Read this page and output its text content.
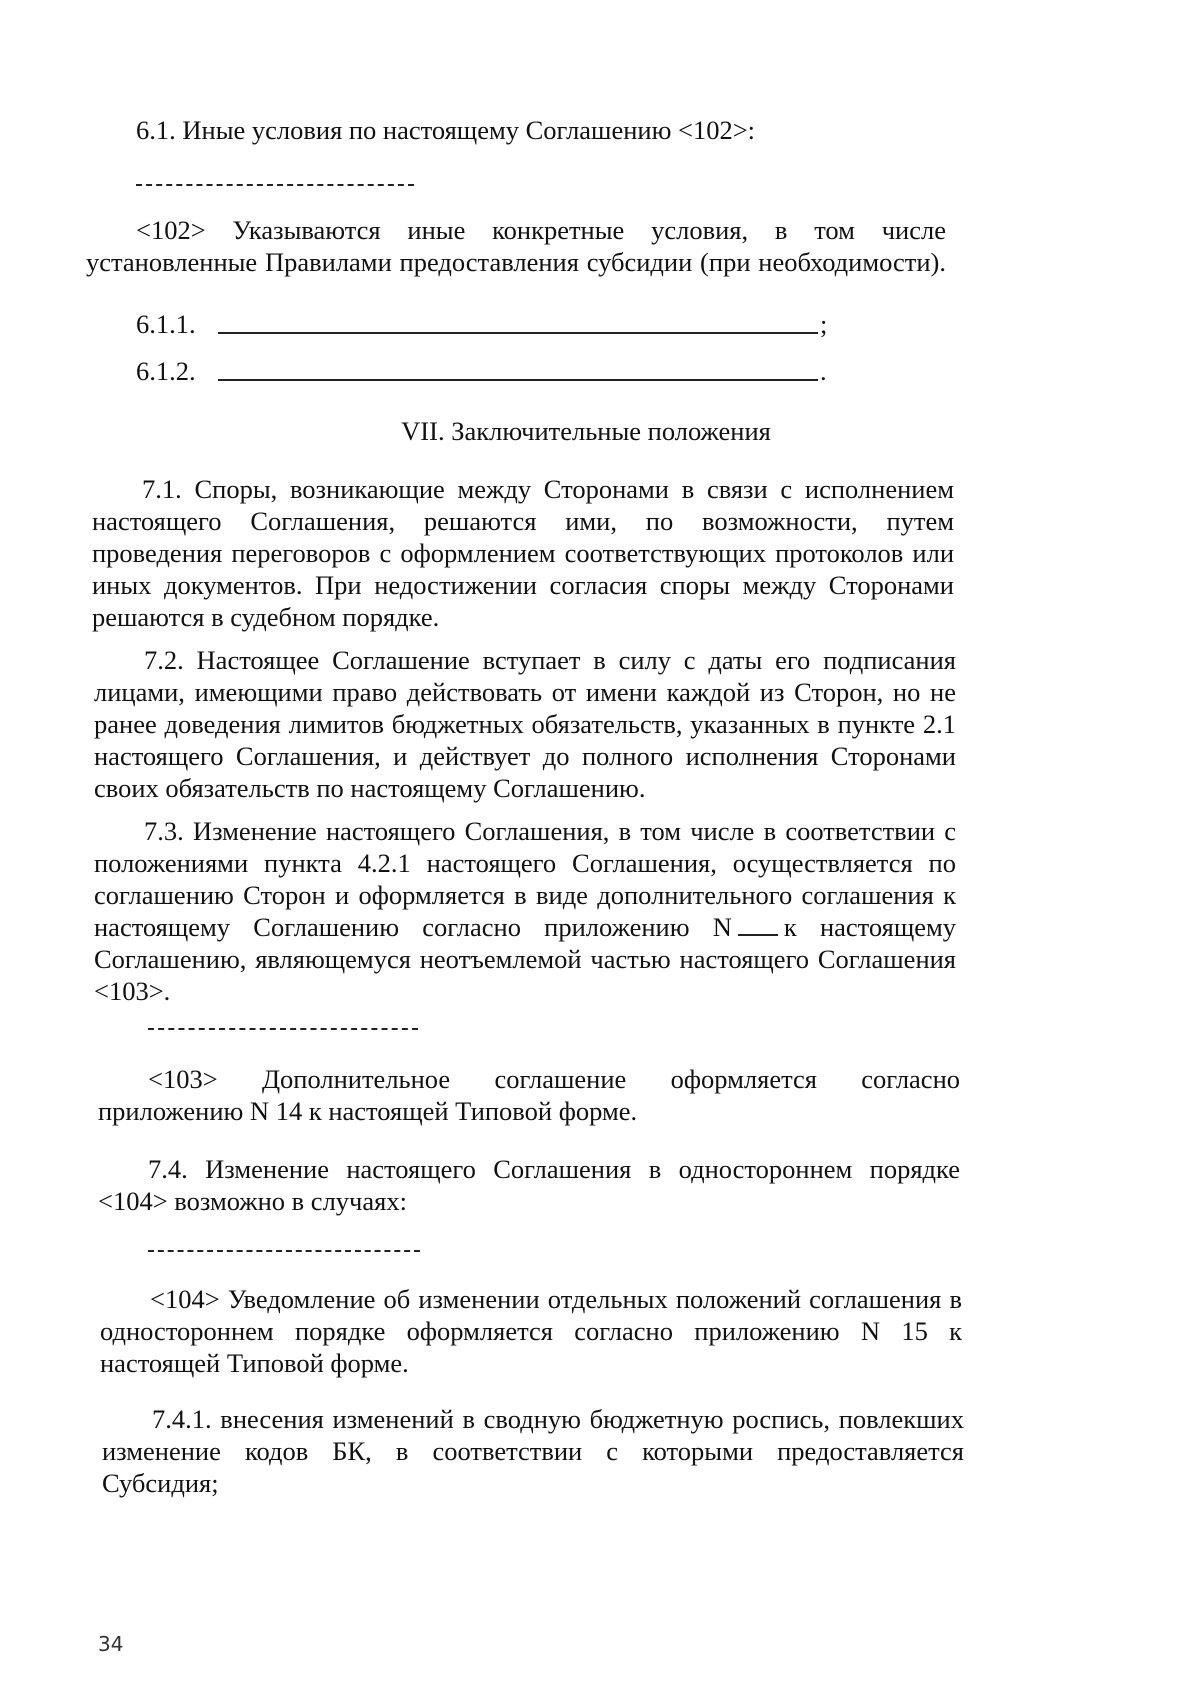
6.1. Иные условия по настоящему Соглашению <102>:

<102> Указываются иные конкретные условия, в том числе установленные Правилами предоставления субсидии (при необходимости).

6.1.1.	;
6.1.2.	.
VII. Заключительные положения

7.1. Споры, возникающие между Сторонами в связи с исполнением настоящего Соглашения, решаются ими, по возможности, путем проведения переговоров с оформлением соответствующих протоколов или иных документов. При недостижении согласия споры между Сторонами решаются в судебном порядке.

7.2. Настоящее Соглашение вступает в силу с даты его подписания лицами, имеющими право действовать от имени каждой из Сторон, но не ранее доведения лимитов бюджетных обязательств, указанных в пункте 2.1 настоящего Соглашения, и действует до полного исполнения Сторонами своих обязательств по настоящему Соглашению.

7.3. Изменение настоящего Соглашения, в том числе в соответствии с положениями пункта 4.2.1 настоящего Соглашения, осуществляется по соглашению Сторон и оформляется в виде дополнительного соглашения к настоящему Соглашению согласно приложению N к настоящему Соглашению, являющемуся неотъемлемой частью настоящего Соглашения <103>.

<103> Дополнительное соглашение оформляется согласно приложению N 14 к настоящей Типовой форме.

7.4. Изменение настоящего Соглашения в одностороннем порядке <104> возможно в случаях:

<104> Уведомление об изменении отдельных положений соглашения в одностороннем порядке оформляется согласно приложению N 15 к настоящей Типовой форме.

7.4.1. внесения изменений в сводную бюджетную роспись, повлекших изменение кодов БК, в соответствии с которыми предоставляется Субсидия;

34
